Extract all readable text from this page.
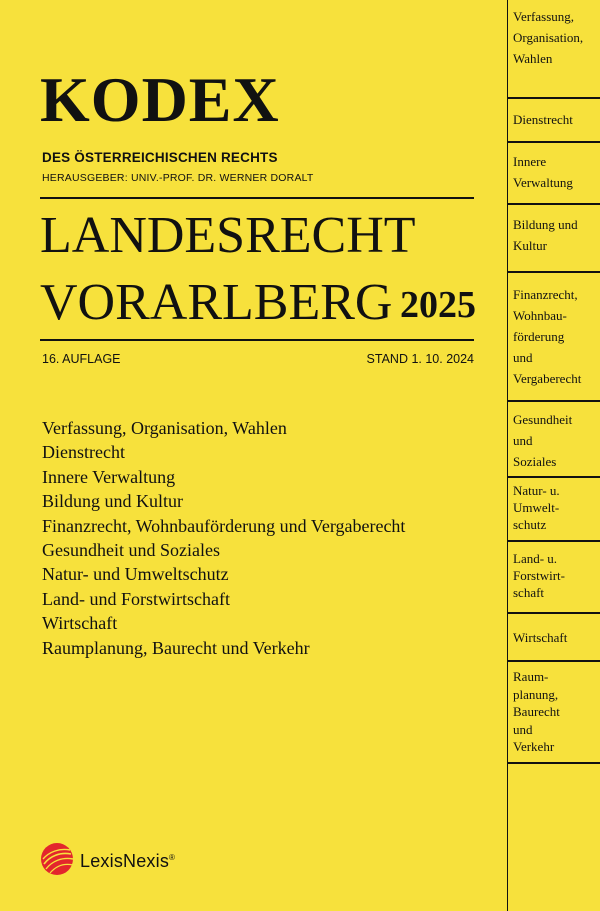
KODEX
DES ÖSTERREICHISCHEN RECHTS
HERAUSGEBER: UNIV.-PROF. DR. WERNER DORALT
LANDESRECHT
VORARLBERG 2025
16. AUFLAGE	STAND 1. 10. 2024
Verfassung, Organisation, Wahlen
Dienstrecht
Innere Verwaltung
Bildung und Kultur
Finanzrecht, Wohnbauförderung und Vergaberecht
Gesundheit und Soziales
Natur- und Umweltschutz
Land- und Forstwirtschaft
Wirtschaft
Raumplanung, Baurecht und Verkehr
LexisNexis®
Verfassung,
Organisation,
Wahlen
Dienstrecht
Innere
Verwaltung
Bildung und
Kultur
Finanzrecht,
Wohnbau-
förderung
und
Vergaberecht
Gesundheit
und
Soziales
Natur- u.
Umwelt-
schutz
Land- u.
Forstwirt-
schaft
Wirtschaft
Raum-
planung,
Baurecht
und
Verkehr
